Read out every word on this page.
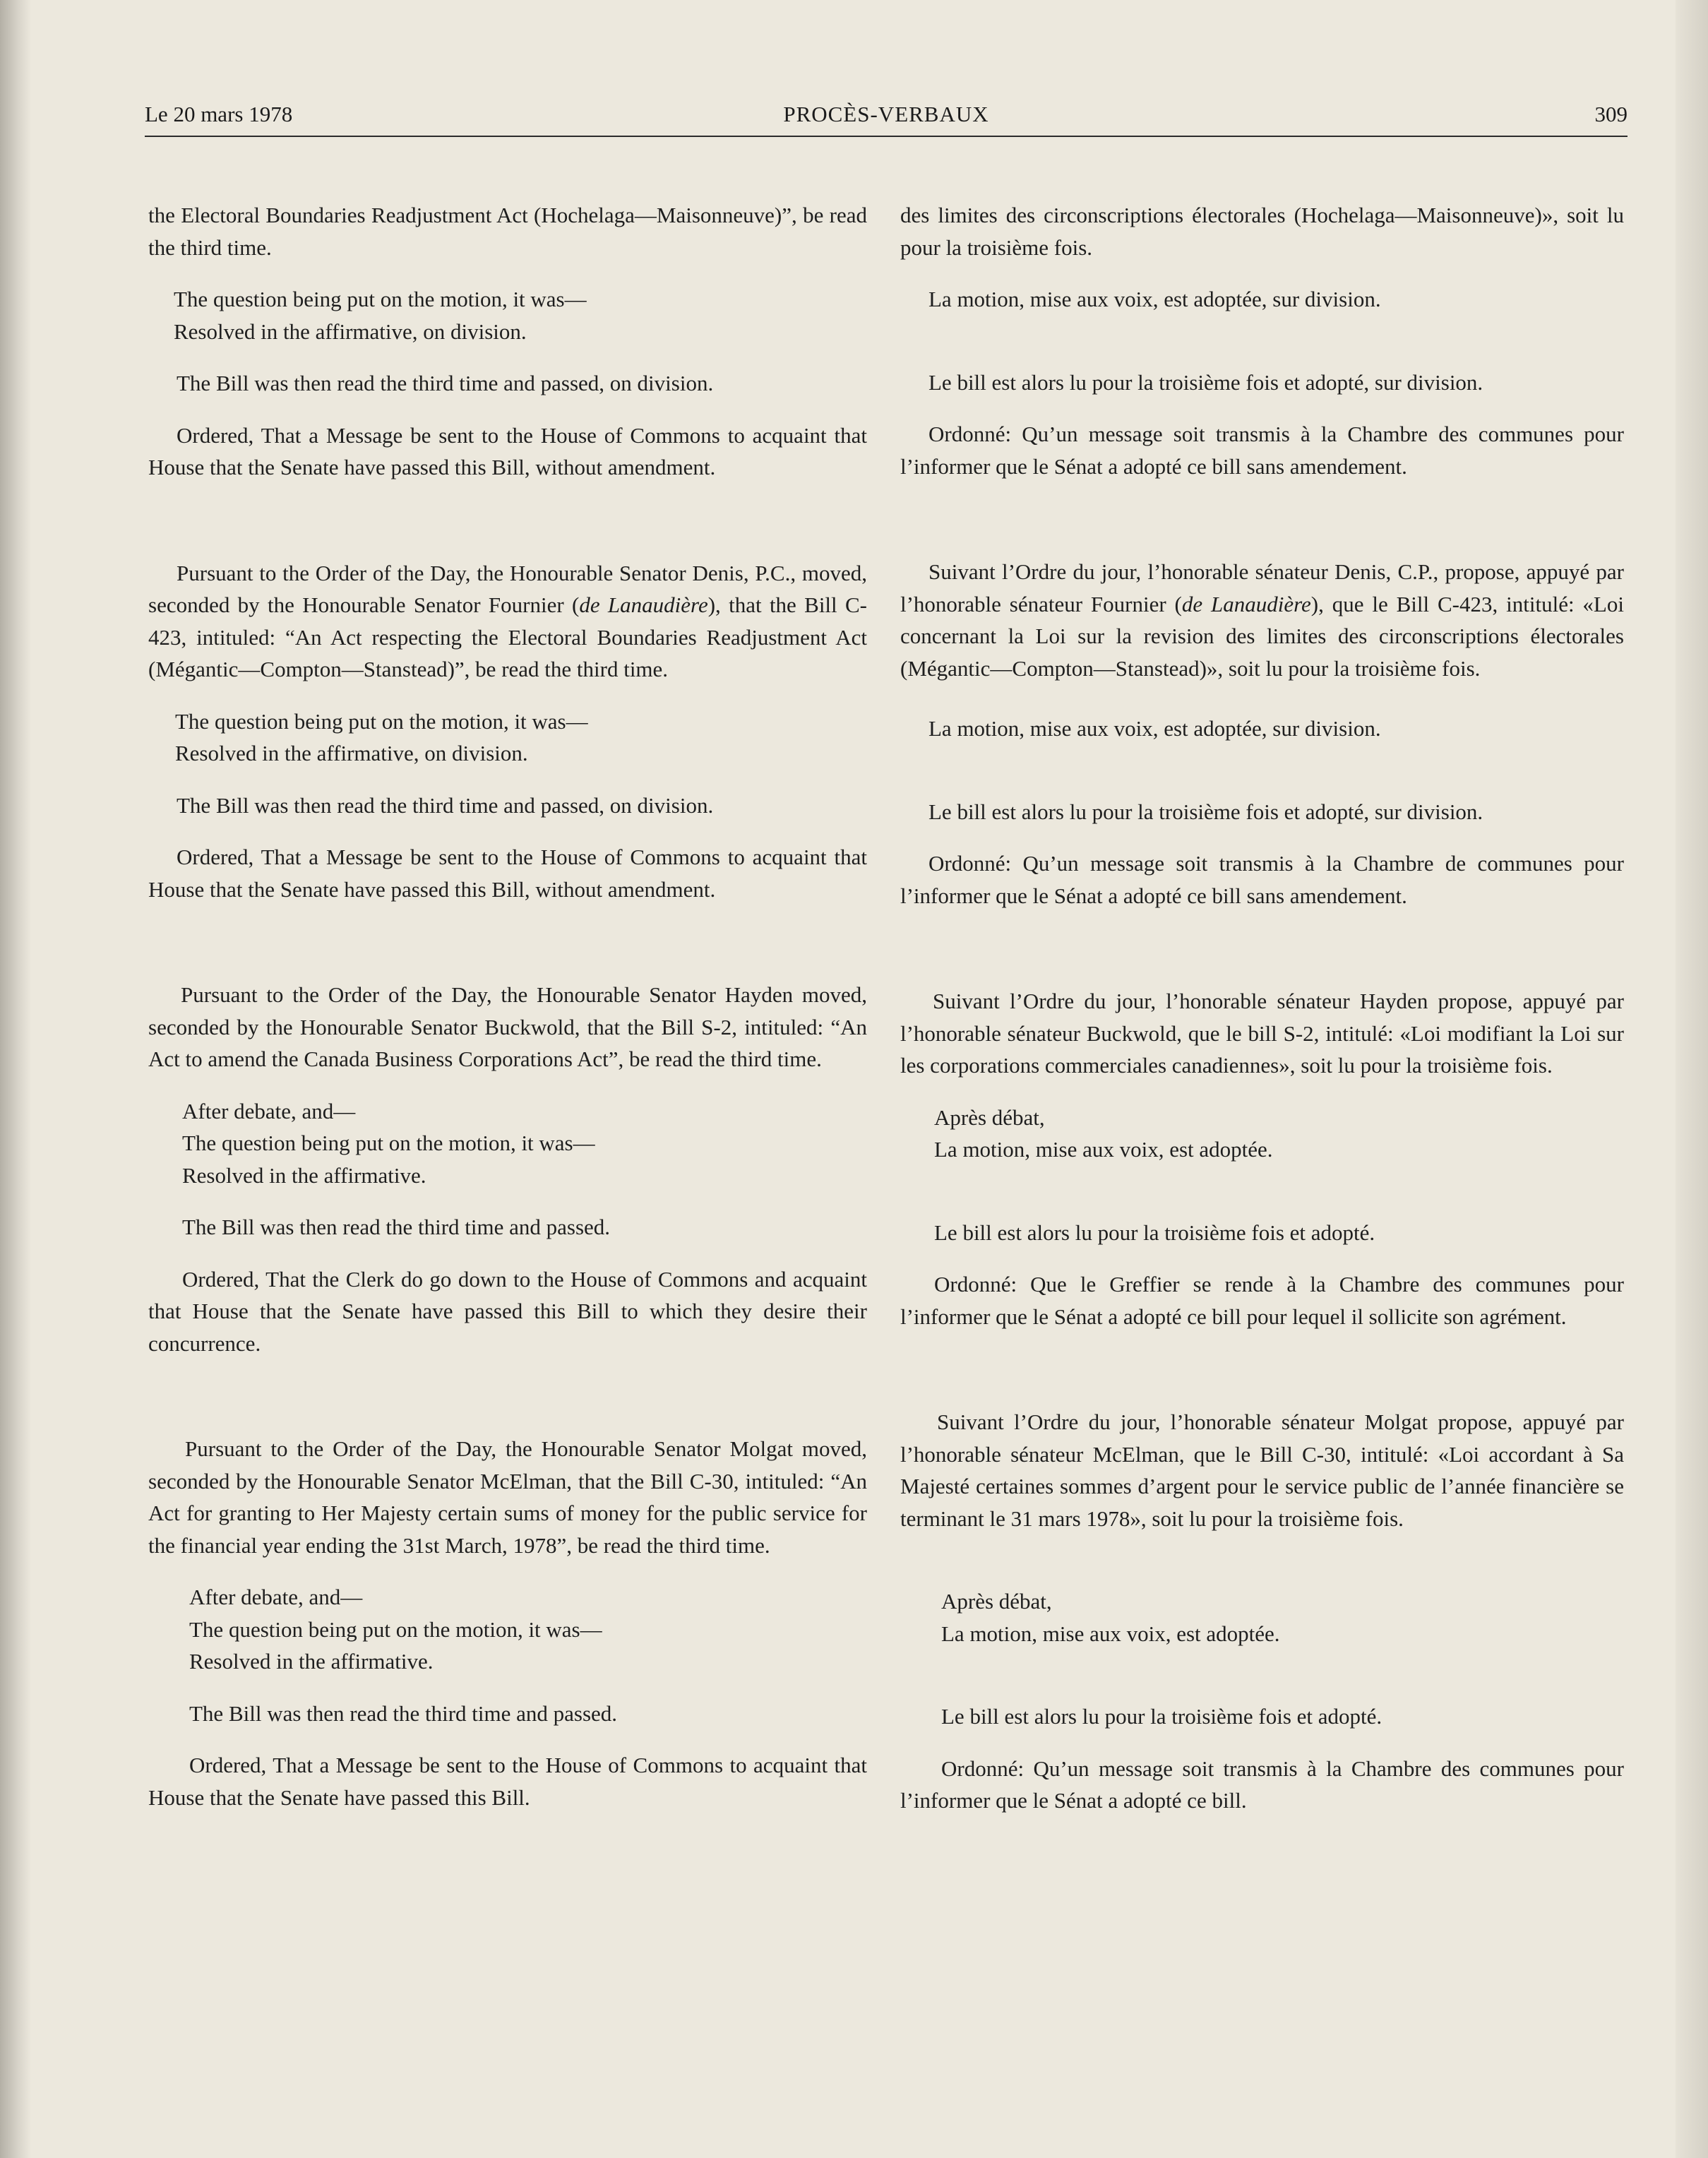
Le 20 mars 1978	PROCÈS-VERBAUX	309

the Electoral Boundaries Readjustment Act (Hochelaga—Maisonneuve)”, be read the third time.

The question being put on the motion, it was—
Resolved in the affirmative, on division.

The Bill was then read the third time and passed, on division.

Ordered, That a Message be sent to the House of Commons to acquaint that House that the Senate have passed this Bill, without amendment.

Pursuant to the Order of the Day, the Honourable Senator Denis, P.C., moved, seconded by the Honourable Senator Fournier (de Lanaudière), that the Bill C-423, intituled: “An Act respecting the Electoral Boundaries Readjustment Act (Mégantic—Compton—Stanstead)”, be read the third time.

The question being put on the motion, it was—
Resolved in the affirmative, on division.

The Bill was then read the third time and passed, on division.

Ordered, That a Message be sent to the House of Commons to acquaint that House that the Senate have passed this Bill, without amendment.

Pursuant to the Order of the Day, the Honourable Senator Hayden moved, seconded by the Honourable Senator Buckwold, that the Bill S-2, intituled: “An Act to amend the Canada Business Corporations Act”, be read the third time.

After debate, and—
The question being put on the motion, it was—
Resolved in the affirmative.

The Bill was then read the third time and passed.

Ordered, That the Clerk do go down to the House of Commons and acquaint that House that the Senate have passed this Bill to which they desire their concurrence.

Pursuant to the Order of the Day, the Honourable Senator Molgat moved, seconded by the Honourable Senator McElman, that the Bill C-30, intituled: “An Act for granting to Her Majesty certain sums of money for the public service for the financial year ending the 31st March, 1978”, be read the third time.

After debate, and—
The question being put on the motion, it was—
Resolved in the affirmative.

The Bill was then read the third time and passed.

Ordered, That a Message be sent to the House of Commons to acquaint that House that the Senate have passed this Bill.

des limites des circonscriptions électorales (Hochelaga—Maisonneuve)», soit lu pour la troisième fois.

La motion, mise aux voix, est adoptée, sur division.

Le bill est alors lu pour la troisième fois et adopté, sur division.

Ordonné: Qu’un message soit transmis à la Chambre des communes pour l’informer que le Sénat a adopté ce bill sans amendement.

Suivant l’Ordre du jour, l’honorable sénateur Denis, C.P., propose, appuyé par l’honorable sénateur Fournier (de Lanaudière), que le Bill C-423, intitulé: «Loi concernant la Loi sur la revision des limites des circonscriptions électorales (Mégantic—Compton—Stanstead)», soit lu pour la troisième fois.

La motion, mise aux voix, est adoptée, sur division.

Le bill est alors lu pour la troisième fois et adopté, sur division.

Ordonné: Qu’un message soit transmis à la Chambre de communes pour l’informer que le Sénat a adopté ce bill sans amendement.

Suivant l’Ordre du jour, l’honorable sénateur Hayden propose, appuyé par l’honorable sénateur Buckwold, que le bill S-2, intitulé: «Loi modifiant la Loi sur les corporations commerciales canadiennes», soit lu pour la troisième fois.

Après débat,
La motion, mise aux voix, est adoptée.

Le bill est alors lu pour la troisième fois et adopté.

Ordonné: Que le Greffier se rende à la Chambre des communes pour l’informer que le Sénat a adopté ce bill pour lequel il sollicite son agrément.

Suivant l’Ordre du jour, l’honorable sénateur Molgat propose, appuyé par l’honorable sénateur McElman, que le Bill C-30, intitulé: «Loi accordant à Sa Majesté certaines sommes d’argent pour le service public de l’année financière se terminant le 31 mars 1978», soit lu pour la troisième fois.

Après débat,
La motion, mise aux voix, est adoptée.

Le bill est alors lu pour la troisième fois et adopté.

Ordonné: Qu’un message soit transmis à la Chambre des communes pour l’informer que le Sénat a adopté ce bill.
